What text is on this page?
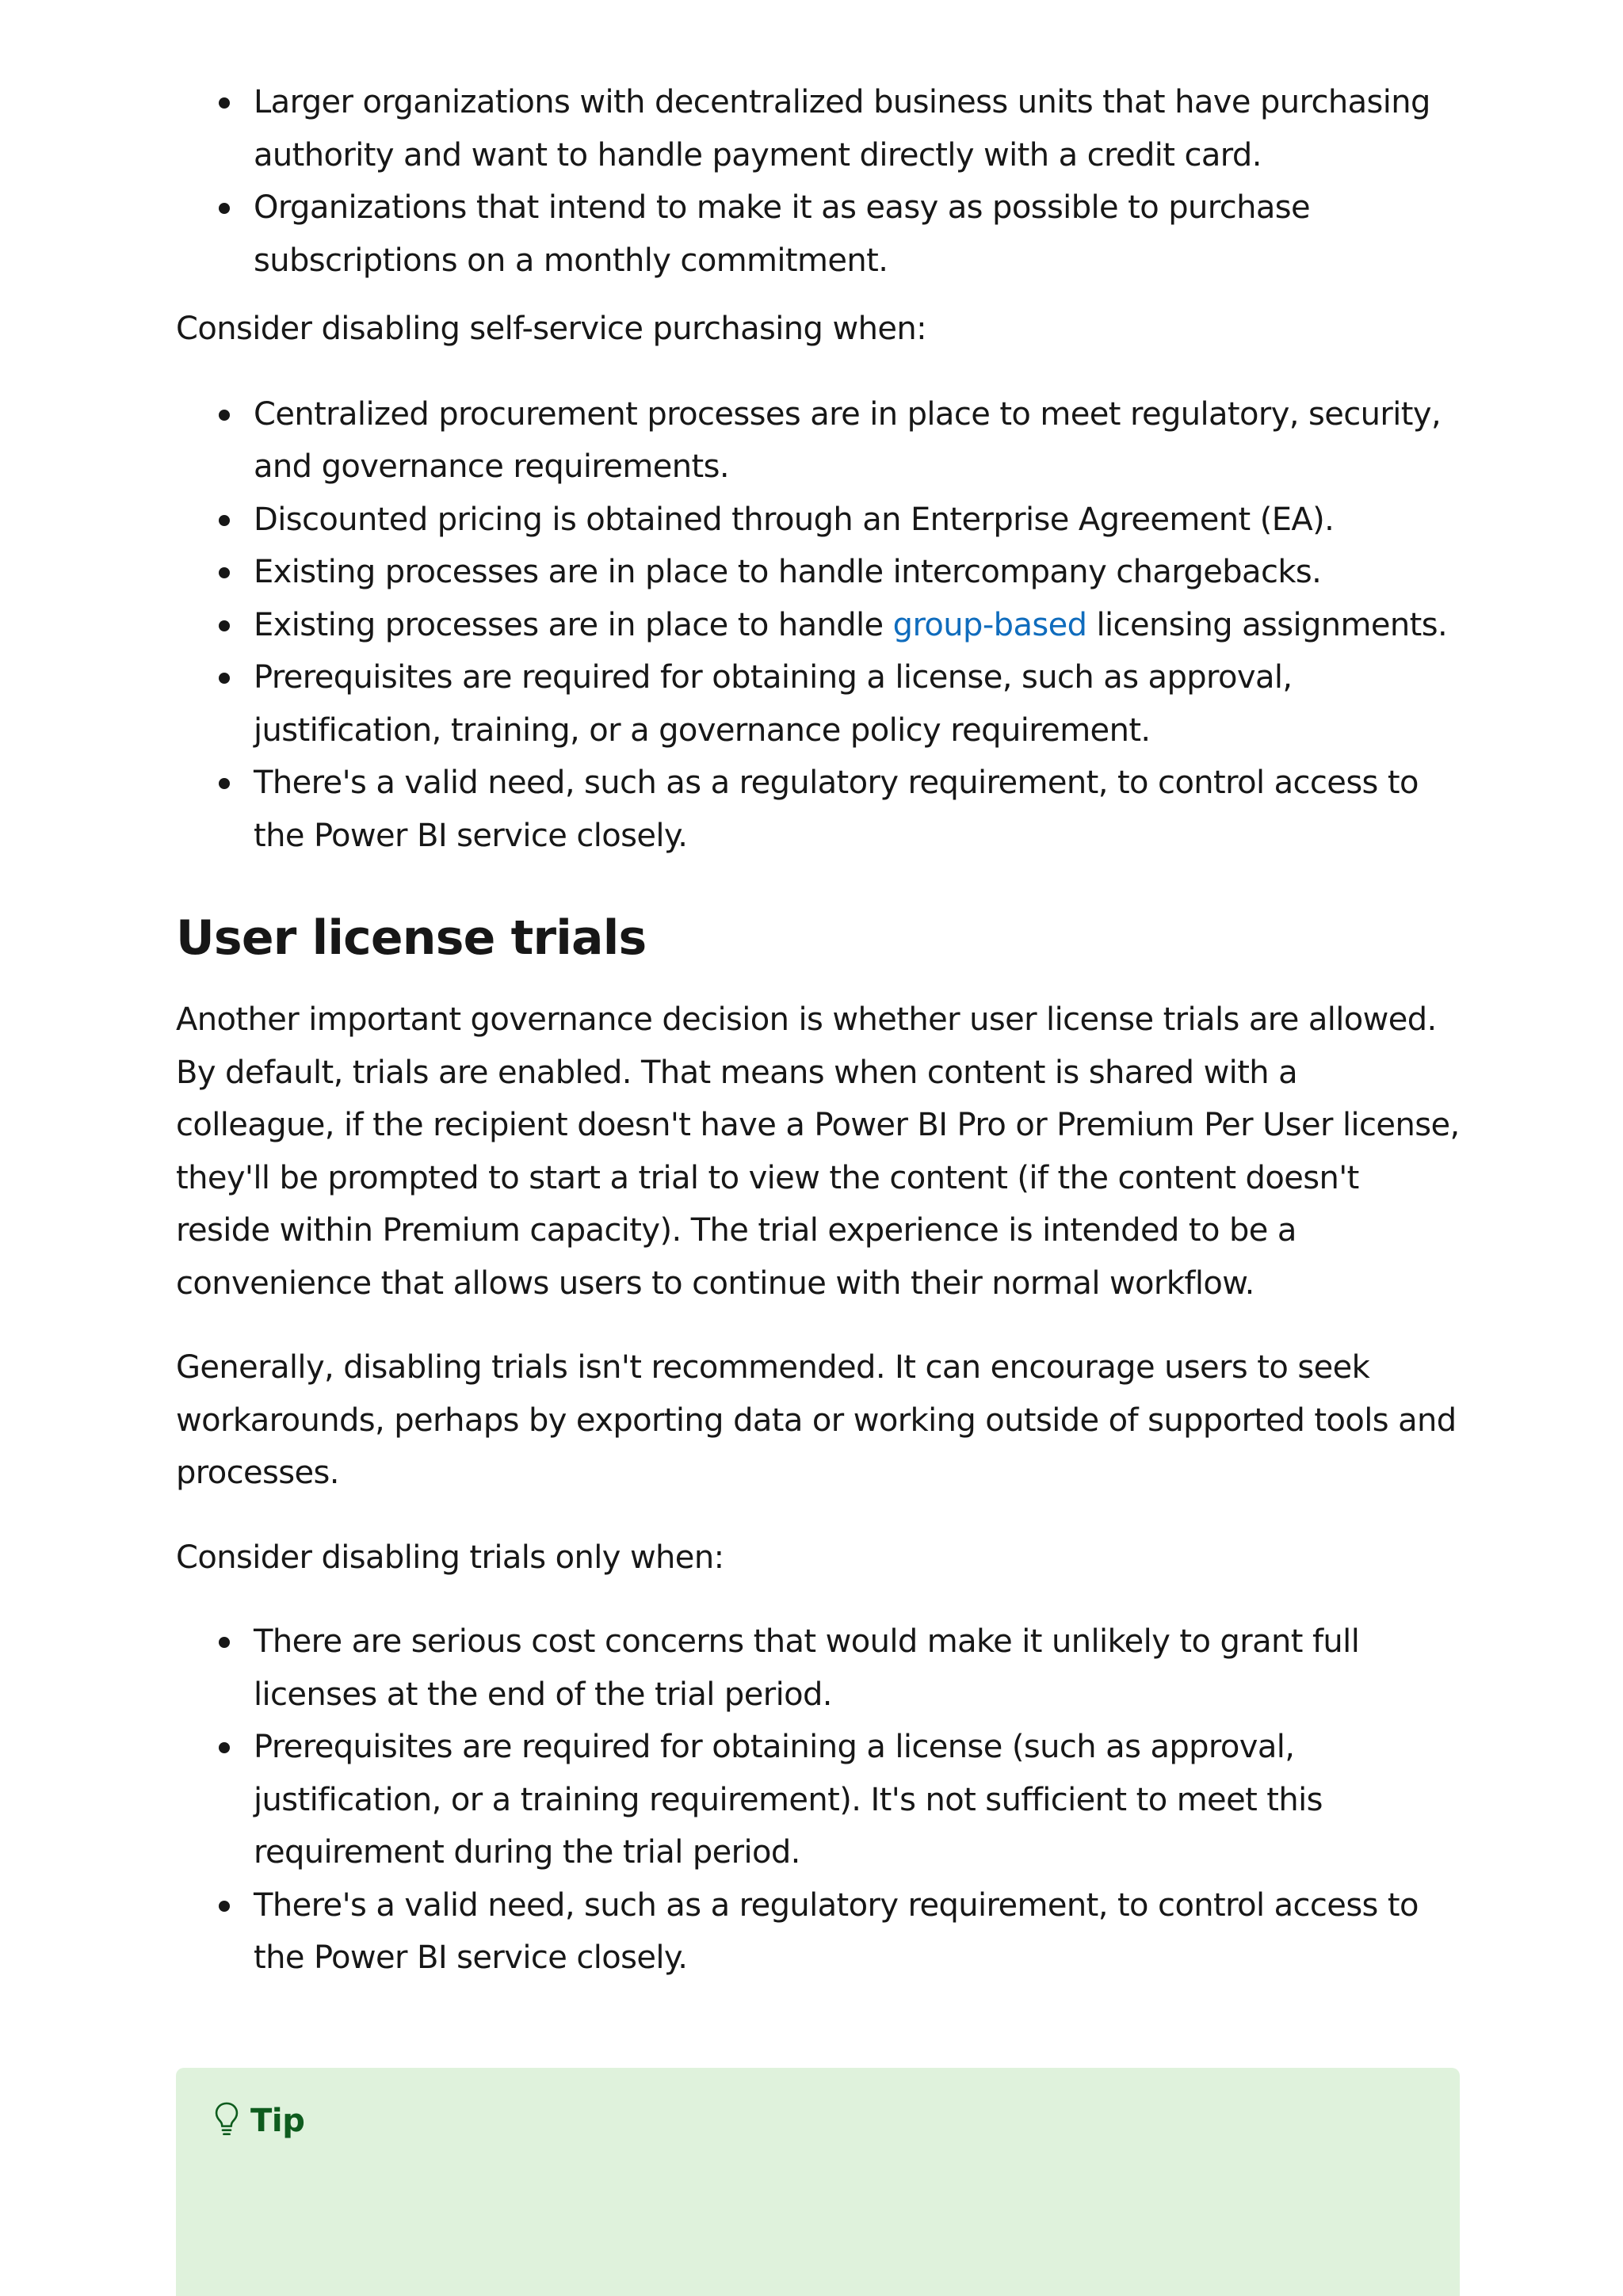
Larger organizations with decentralized business units that have purchasing authority and want to handle payment directly with a credit card.
Organizations that intend to make it as easy as possible to purchase subscriptions on a monthly commitment.

Consider disabling self-service purchasing when:

Centralized procurement processes are in place to meet regulatory, security, and governance requirements.
Discounted pricing is obtained through an Enterprise Agreement (EA).
Existing processes are in place to handle intercompany chargebacks.
Existing processes are in place to handle group-based licensing assignments.
Prerequisites are required for obtaining a license, such as approval, justification, training, or a governance policy requirement.
There's a valid need, such as a regulatory requirement, to control access to the Power BI service closely.
User license trials

Another important governance decision is whether user license trials are allowed. By default, trials are enabled. That means when content is shared with a colleague, if the recipient doesn't have a Power BI Pro or Premium Per User license, they'll be prompted to start a trial to view the content (if the content doesn't reside within Premium capacity). The trial experience is intended to be a convenience that allows users to continue with their normal workflow.

Generally, disabling trials isn't recommended. It can encourage users to seek workarounds, perhaps by exporting data or working outside of supported tools and processes.

Consider disabling trials only when:

There are serious cost concerns that would make it unlikely to grant full licenses at the end of the trial period.
Prerequisites are required for obtaining a license (such as approval, justification, or a training requirement). It's not sufficient to meet this requirement during the trial period.
There's a valid need, such as a regulatory requirement, to control access to the Power BI service closely.
Tip
